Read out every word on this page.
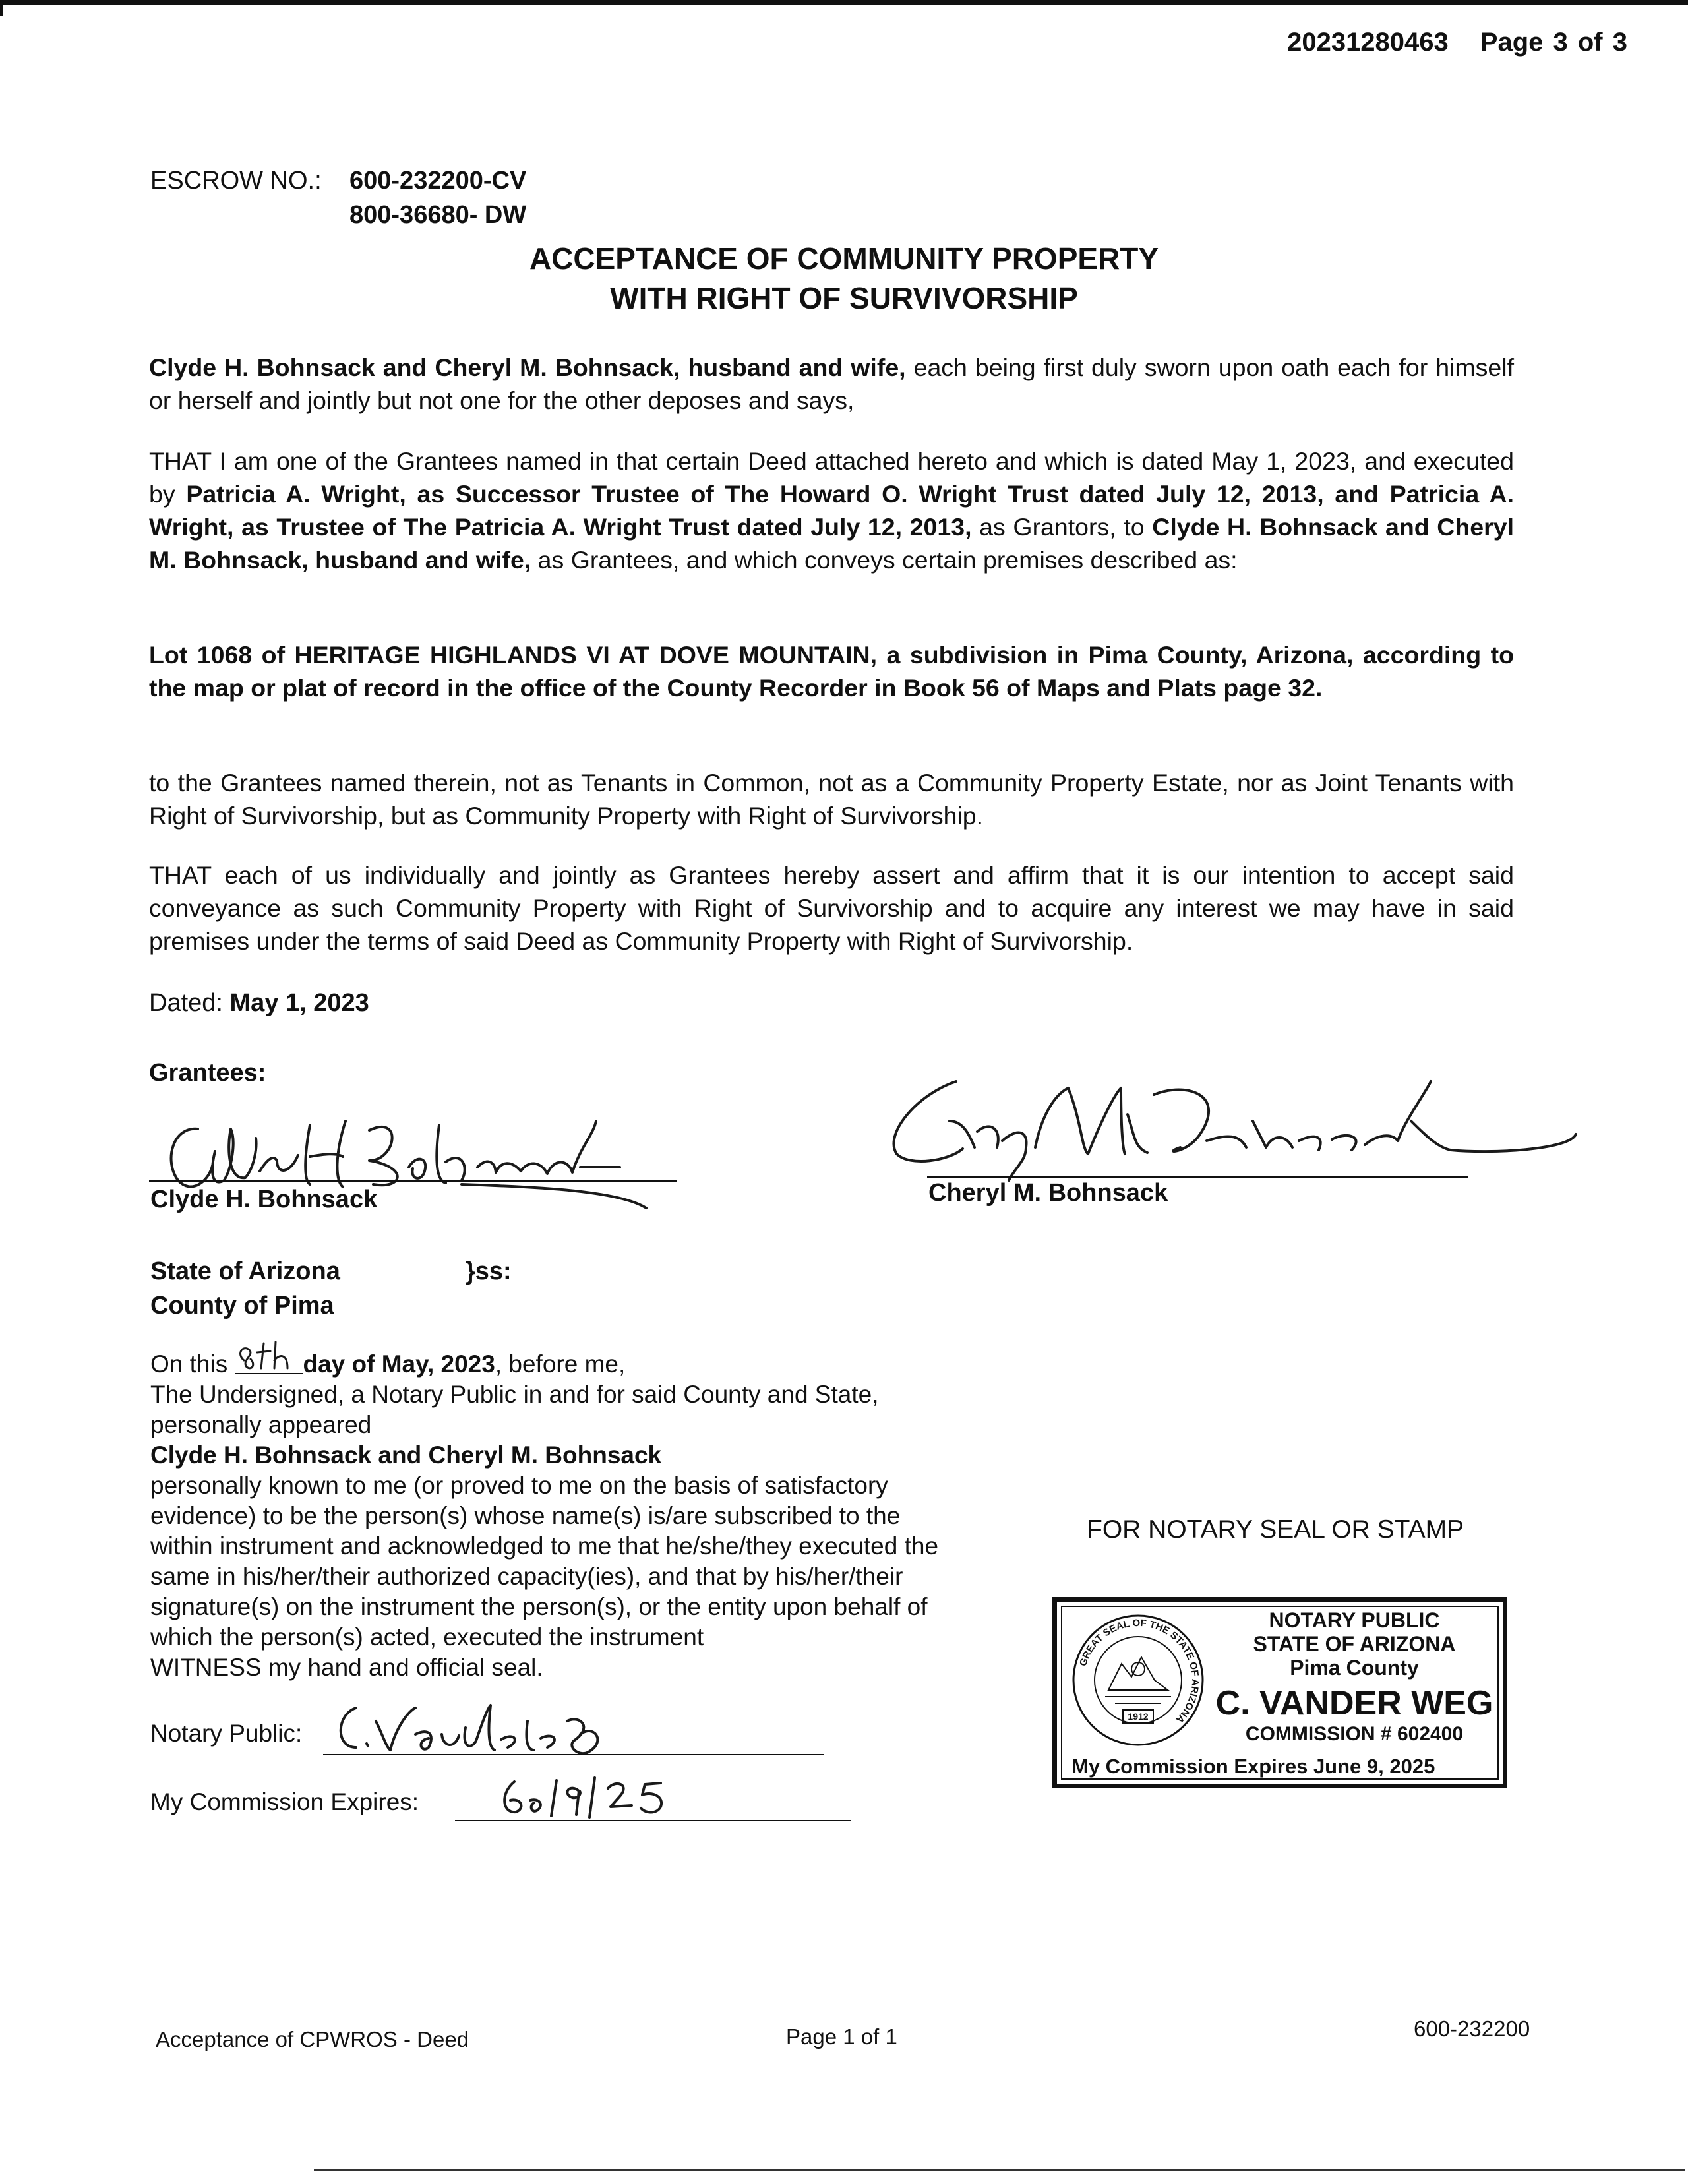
20231280463 Page 3 of 3
ESCROW NO.: 600-232200-CV
800-36680- DW
ACCEPTANCE OF COMMUNITY PROPERTY
WITH RIGHT OF SURVIVORSHIP
Clyde H. Bohnsack and Cheryl M. Bohnsack, husband and wife, each being first duly sworn upon oath each for himself or herself and jointly but not one for the other deposes and says,
THAT I am one of the Grantees named in that certain Deed attached hereto and which is dated May 1, 2023, and executed by Patricia A. Wright, as Successor Trustee of The Howard O. Wright Trust dated July 12, 2013, and Patricia A. Wright, as Trustee of The Patricia A. Wright Trust dated July 12, 2013, as Grantors, to Clyde H. Bohnsack and Cheryl M. Bohnsack, husband and wife, as Grantees, and which conveys certain premises described as:
Lot 1068 of HERITAGE HIGHLANDS VI AT DOVE MOUNTAIN, a subdivision in Pima County, Arizona, according to the map or plat of record in the office of the County Recorder in Book 56 of Maps and Plats page 32.
to the Grantees named therein, not as Tenants in Common, not as a Community Property Estate, nor as Joint Tenants with Right of Survivorship, but as Community Property with Right of Survivorship.
THAT each of us individually and jointly as Grantees hereby assert and affirm that it is our intention to accept said conveyance as such Community Property with Right of Survivorship and to acquire any interest we may have in said premises under the terms of said Deed as Community Property with Right of Survivorship.
Dated: May 1, 2023
Grantees:
Clyde H. Bohnsack	Cheryl M. Bohnsack
State of Arizona
County of Pima
}ss:
On this	day of May, 2023, before me,
The Undersigned, a Notary Public in and for said County and State,
personally appeared
Clyde H. Bohnsack and Cheryl M. Bohnsack
personally known to me (or proved to me on the basis of satisfactory
evidence) to be the person(s) whose name(s) is/are subscribed to the
within instrument and acknowledged to me that he/she/they executed the
same in his/her/their authorized capacity(ies), and that by his/her/their
signature(s) on the instrument the person(s), or the entity upon behalf of
which the person(s) acted, executed the instrument
WITNESS my hand and official seal.
Notary Public:
My Commission Expires:
FOR NOTARY SEAL OR STAMP
GREAT SEAL OF THE STATE OF ARIZONA
1912
NOTARY PUBLIC
STATE OF ARIZONA
Pima County
C. VANDER WEG
COMMISSION # 602400
My Commission Expires June 9, 2025
Acceptance of CPWROS - Deed	Page 1 of 1	600-232200
